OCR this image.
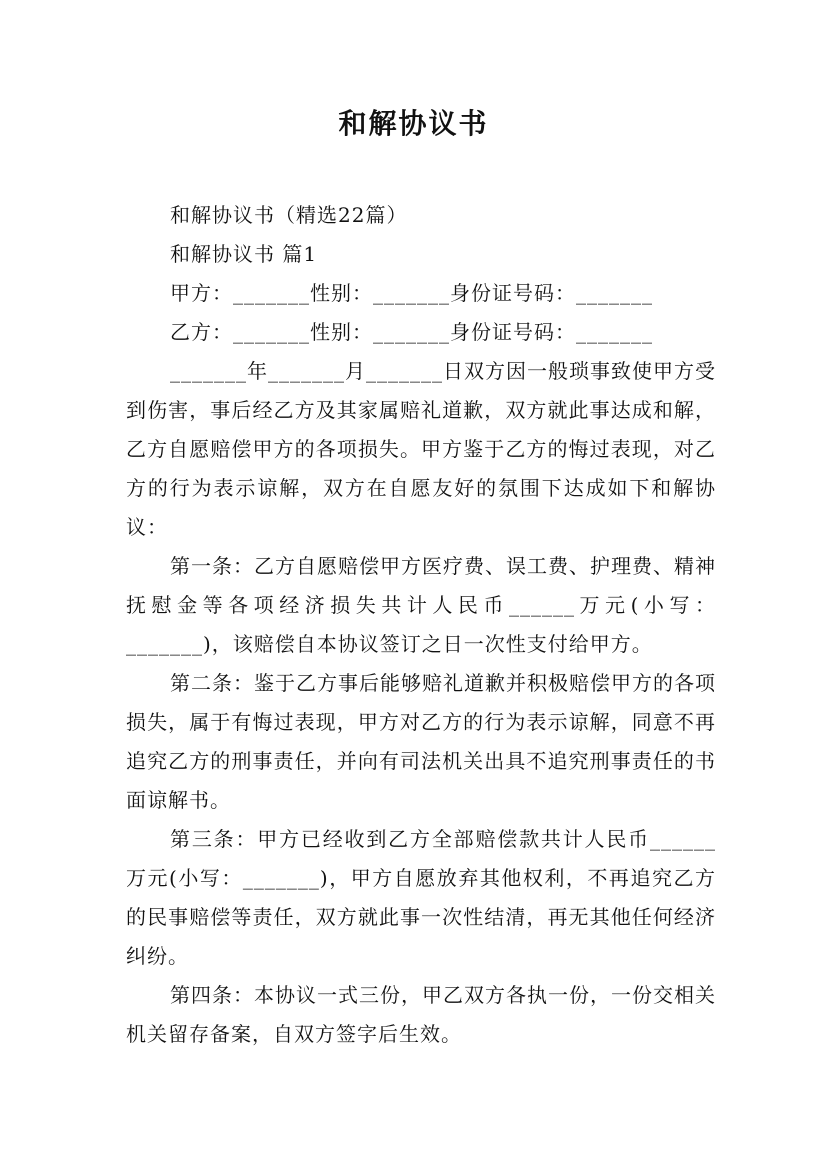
和解协议书

和解协议书（精选22篇）

和解协议书 篇1

甲方：_______性别：_______身份证号码：_______

乙方：_______性别：_______身份证号码：_______

_______年_______月_______日双方因一般琐事致使甲方受到伤害，事后经乙方及其家属赔礼道歉，双方就此事达成和解，乙方自愿赔偿甲方的各项损失。甲方鉴于乙方的悔过表现，对乙方的行为表示谅解，双方在自愿友好的氛围下达成如下和解协议：

第一条：乙方自愿赔偿甲方医疗费、误工费、护理费、精神抚慰金等各项经济损失共计人民币______万元(小写：_______)，该赔偿自本协议签订之日一次性支付给甲方。

第二条：鉴于乙方事后能够赔礼道歉并积极赔偿甲方的各项损失，属于有悔过表现，甲方对乙方的行为表示谅解，同意不再追究乙方的刑事责任，并向有司法机关出具不追究刑事责任的书面谅解书。

第三条：甲方已经收到乙方全部赔偿款共计人民币______万元(小写：_______)，甲方自愿放弃其他权利，不再追究乙方的民事赔偿等责任，双方就此事一次性结清，再无其他任何经济纠纷。

第四条：本协议一式三份，甲乙双方各执一份，一份交相关机关留存备案，自双方签字后生效。
